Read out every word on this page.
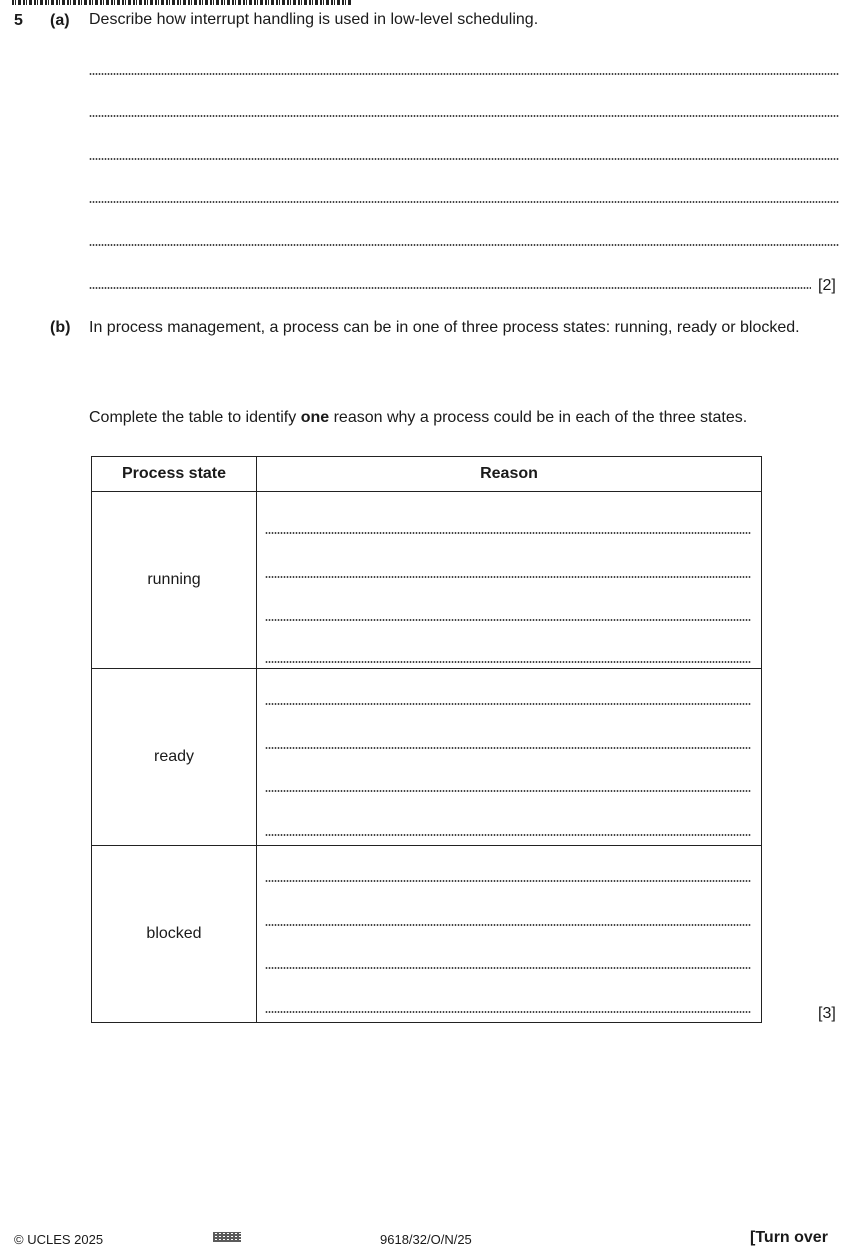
5 (a) Describe how interrupt handling is used in low-level scheduling.
[2]
(b) In process management, a process can be in one of three process states: running, ready or blocked.
Complete the table to identify one reason why a process could be in each of the three states.
Process state	Reason
running	

ready	

blocked	
[3]
© UCLES 2025	9618/32/O/N/25	[Turn over
